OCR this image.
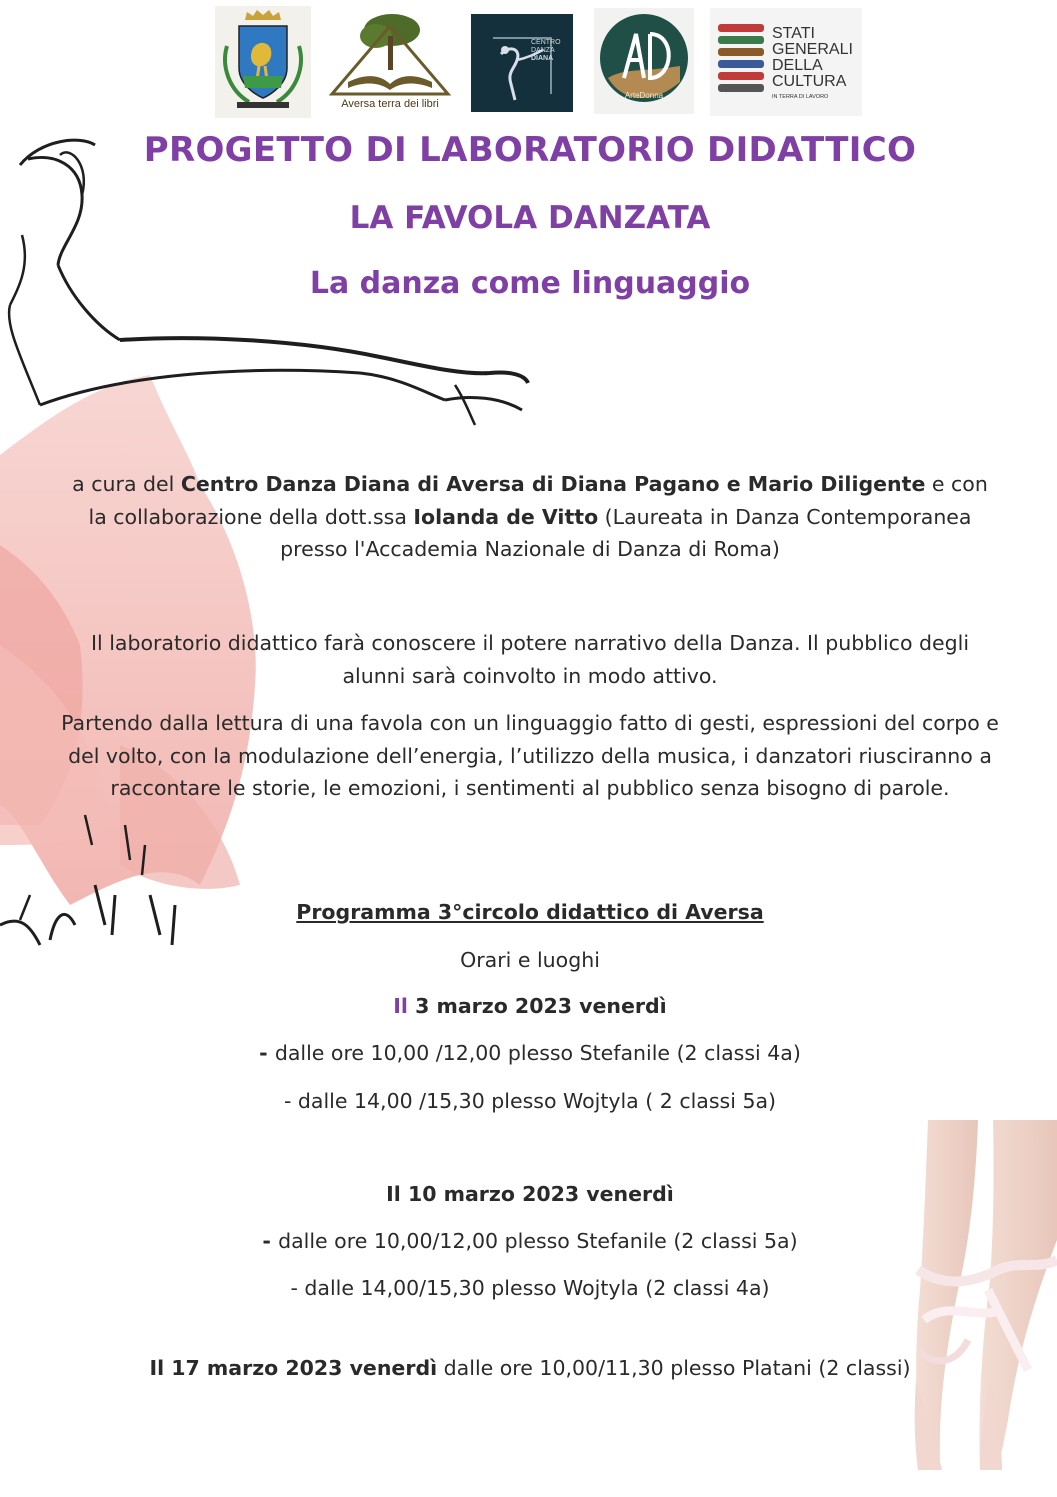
Aversa terra dei libri
CENTRO
DANZA
DIANA
ArteDonna
STATI
GENERALI
DELLA
CULTURA
IN TERRA DI LAVORO
PROGETTO DI LABORATORIO DIDATTICO
LA FAVOLA DANZATA
La danza come linguaggio
a cura del Centro Danza Diana di Aversa di Diana Pagano e Mario Diligente e con la collaborazione della dott.ssa Iolanda de Vitto (Laureata in Danza Contemporanea presso l'Accademia Nazionale di Danza di Roma)
Il laboratorio didattico farà conoscere il potere narrativo della Danza. Il pubblico degli alunni sarà coinvolto in modo attivo.
Partendo dalla lettura di una favola con un linguaggio fatto di gesti, espressioni del corpo e del volto, con la modulazione dell’energia, l’utilizzo della musica, i danzatori riusciranno a raccontare le storie, le emozioni, i sentimenti al pubblico senza bisogno di parole.
Programma 3°circolo didattico di Aversa
Orari e luoghi
Il 3 marzo 2023 venerdì
- dalle ore 10,00 /12,00 plesso Stefanile (2 classi 4a)
- dalle 14,00 /15,30 plesso Wojtyla ( 2 classi 5a)
Il 10 marzo 2023 venerdì
- dalle ore 10,00/12,00 plesso Stefanile (2 classi 5a)
- dalle 14,00/15,30 plesso Wojtyla (2 classi 4a)
Il 17 marzo 2023 venerdì dalle ore 10,00/11,30 plesso Platani (2 classi)
